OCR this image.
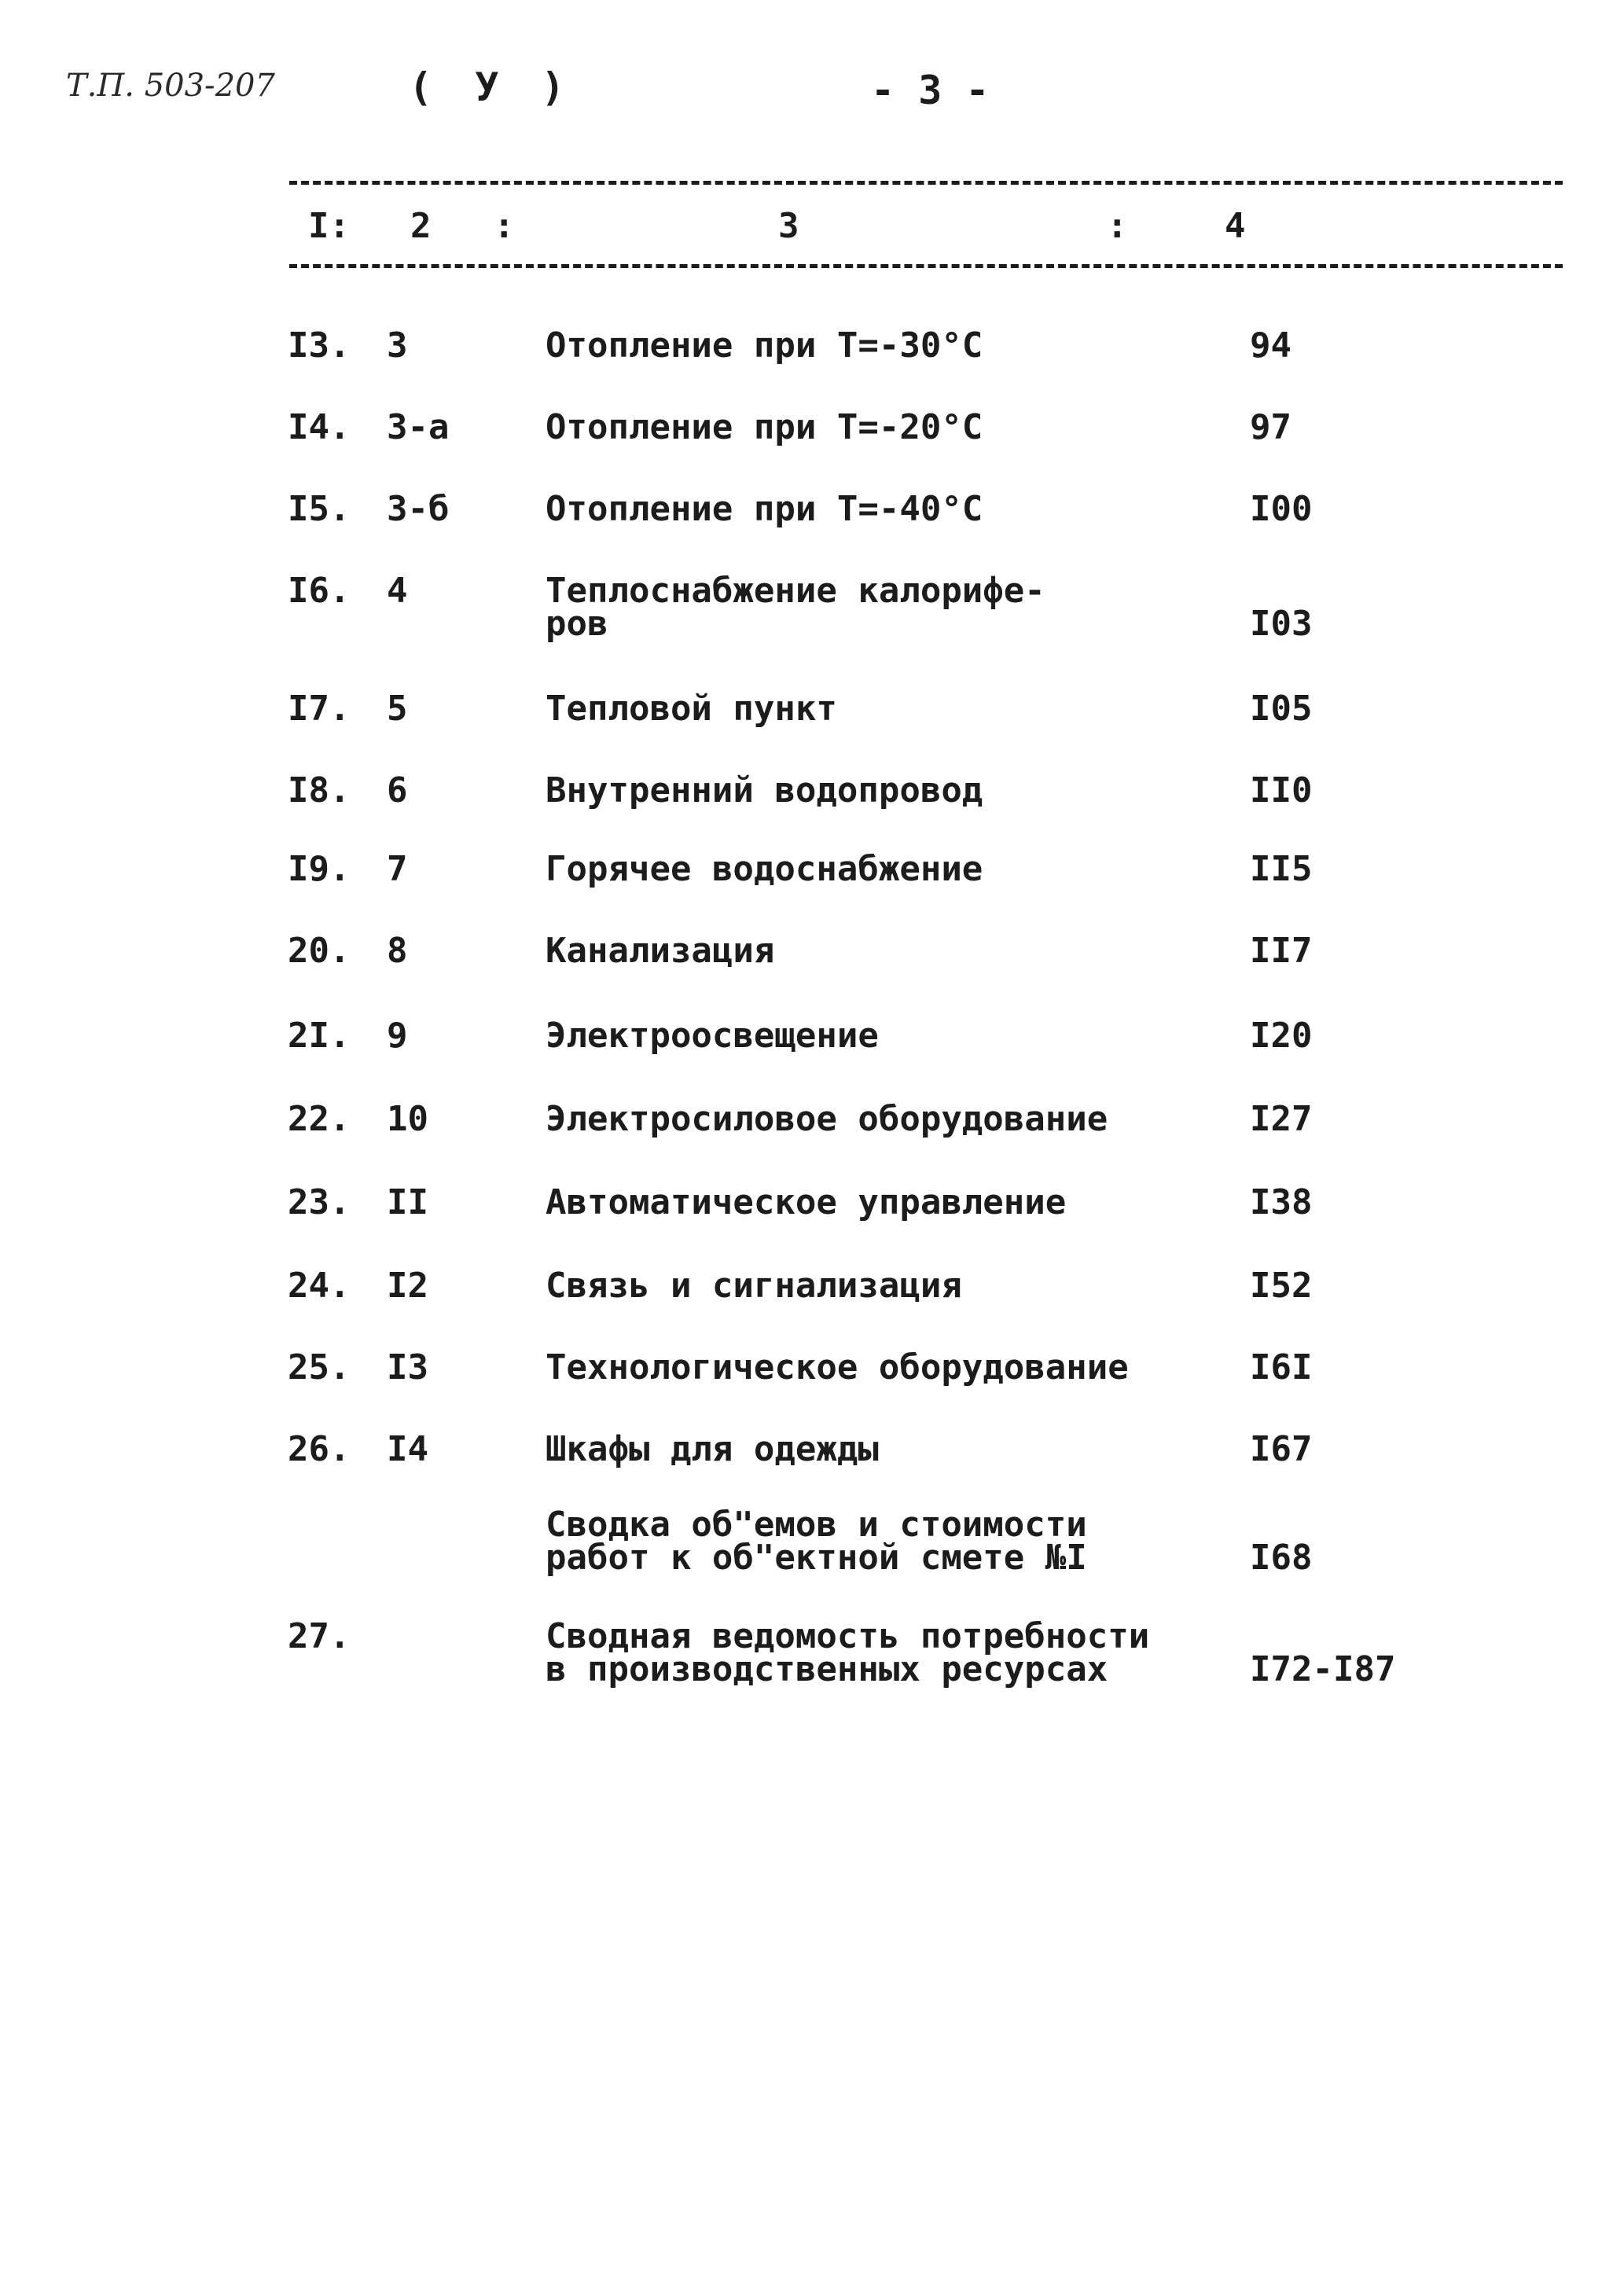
Т.П. 503-207	( У )	- 3 -
I: 2 :	3	:	4
I3. 3	Отопление при T=-30°C	94
I4. 3-а	Отопление при T=-20°C	97
I5. 3-б	Отопление при T=-40°C	I00
I6. 4	Теплоснабжение калорифе-
ров	I03
I7. 5	Тепловой пункт	I05
I8. 6	Внутренний водопровод	II0
I9. 7	Горячее водоснабжение	II5
20. 8	Канализация	II7
2I. 9	Электроосвещение	I20
22. 10	Электросиловое оборудование	I27
23. II	Автоматическое управление	I38
24. I2	Связь и сигнализация	I52
25. I3	Технологическое оборудование	I6I
26. I4	Шкафы для одежды	I67
Сводка об"емов и стоимости
работ к об"ектной смете №I	I68
27.	Сводная ведомость потребности
в производственных ресурсах	I72-I87
